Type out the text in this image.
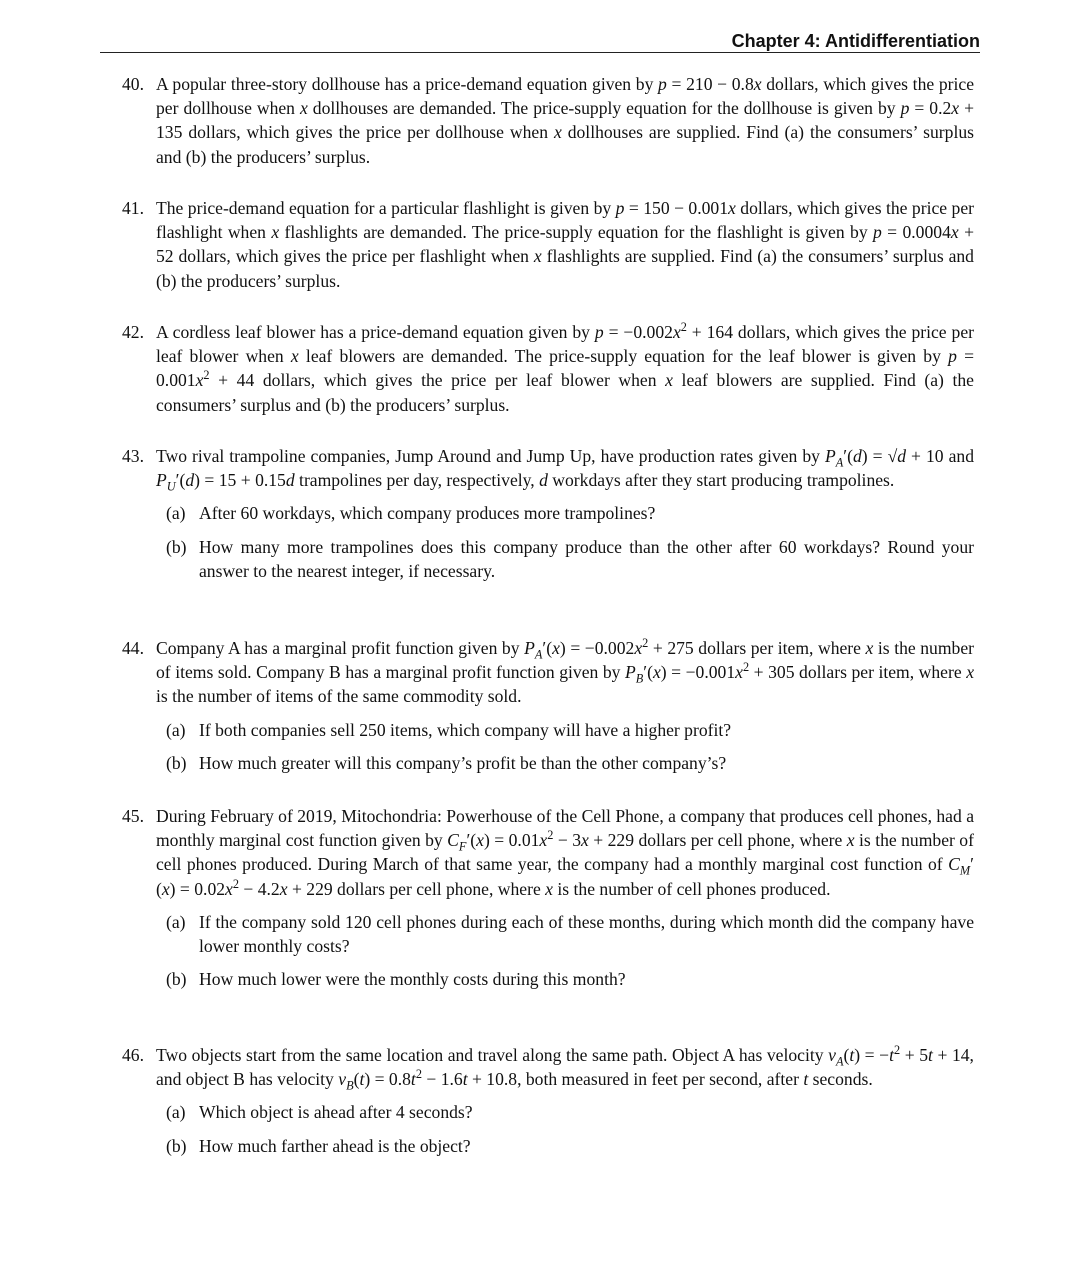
Chapter 4: Antidifferentiation
40. A popular three-story dollhouse has a price-demand equation given by p = 210 − 0.8x dollars, which gives the price per dollhouse when x dollhouses are demanded. The price-supply equation for the dollhouse is given by p = 0.2x + 135 dollars, which gives the price per dollhouse when x dollhouses are supplied. Find (a) the consumers’ surplus and (b) the producers’ surplus.
41. The price-demand equation for a particular flashlight is given by p = 150 − 0.001x dollars, which gives the price per flashlight when x flashlights are demanded. The price-supply equation for the flashlight is given by p = 0.0004x + 52 dollars, which gives the price per flashlight when x flashlights are supplied. Find (a) the consumers’ surplus and (b) the producers’ surplus.
42. A cordless leaf blower has a price-demand equation given by $p = -0.002x^2 + 164$ dollars, which gives the price per leaf blower when x leaf blowers are demanded. The price-supply equation for the leaf blower is given by $p = 0.001x^2 + 44$ dollars, which gives the price per leaf blower when x leaf blowers are supplied. Find (a) the consumers’ surplus and (b) the producers’ surplus.
43. Two rival trampoline companies, Jump Around and Jump Up, have production rates given by $P_A'(d) = √d + 10$ and $P_U'(d) = 15 + 0.15d$ trampolines per day, respectively, d workdays after they start producing trampolines.
(a) After 60 workdays, which company produces more trampolines?
(b) How many more trampolines does this company produce than the other after 60 workdays? Round your answer to the nearest integer, if necessary.
44. Company A has a marginal profit function given by $P_A'(x) = -0.002x^2 + 275$ dollars per item, where x is the number of items sold. Company B has a marginal profit function given by $P_B'(x) = -0.001x^2 + 305$ dollars per item, where x is the number of items of the same commodity sold.
(a) If both companies sell 250 items, which company will have a higher profit?
(b) How much greater will this company’s profit be than the other company’s?
45. During February of 2019, Mitochondria: Powerhouse of the Cell Phone, a company that produces cell phones, had a monthly marginal cost function given by $C_F'(x) = 0.01x^2 - 3x + 229$ dollars per cell phone, where x is the number of cell phones produced. During March of that same year, the company had a monthly marginal cost function of $C_M'(x) = 0.02x^2 - 4.2x + 229$ dollars per cell phone, where x is the number of cell phones produced.
(a) If the company sold 120 cell phones during each of these months, during which month did the company have lower monthly costs?
(b) How much lower were the monthly costs during this month?
46. Two objects start from the same location and travel along the same path. Object A has velocity $v_A(t) = -t^2 + 5t + 14$, and object B has velocity $v_B(t) = 0.8t^2 - 1.6t + 10.8$, both measured in feet per second, after t seconds.
(a) Which object is ahead after 4 seconds?
(b) How much farther ahead is the object?
